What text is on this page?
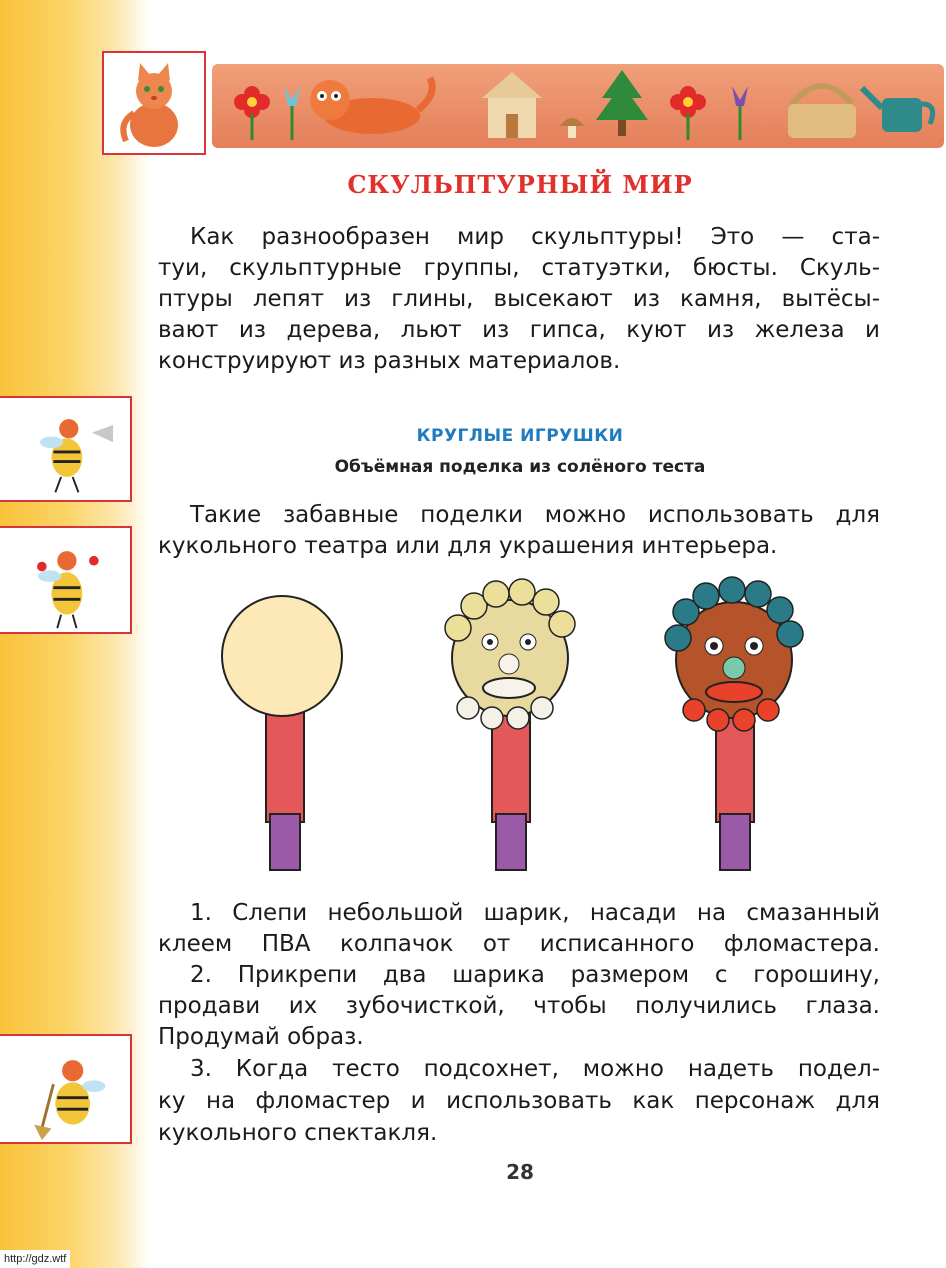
СКУЛЬПТУРНЫЙ МИР

Как разнообразен мир скульптуры! Это — ста-

туи, скульптурные группы, статуэтки, бюсты. Скуль-

птуры лепят из глины, высекают из камня, вытёсы-

вают из дерева, льют из гипса, куют из железа и

конструируют из разных материалов.

КРУГЛЫЕ ИГРУШКИ
Объёмная поделка из солёного теста

Такие забавные поделки можно использовать для

кукольного театра или для украшения интерьера.

1. Слепи небольшой шарик, насади на смазанный

клеем ПВА колпачок от исписанного фломастера.

2. Прикрепи два шарика размером с горошину,

продави их зубочисткой, чтобы получились глаза.

Продумай образ.

3. Когда тесто подсохнет, можно надеть подел-

ку на фломастер и использовать как персонаж для

кукольного спектакля.

28
http://gdz.wtf
